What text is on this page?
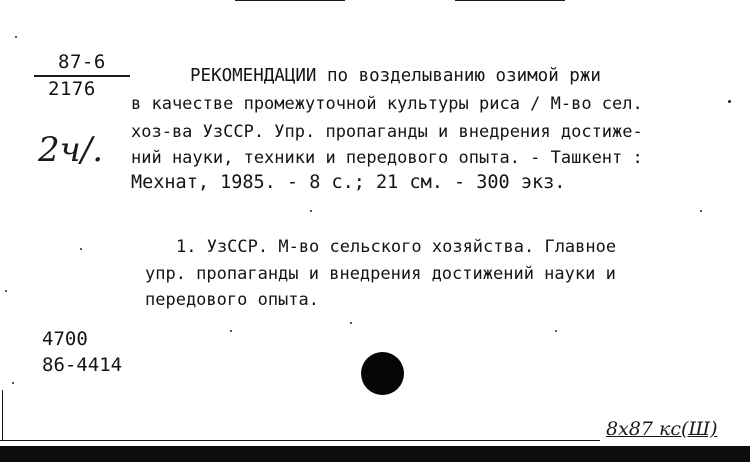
87-6
2176
2ч/.
РЕКОМЕНДАЦИИ по возделыванию озимой ржи
в качестве промежуточной культуры риса / М-во сел.
хоз-ва УзССР. Упр. пропаганды и внедрения достиже-
ний науки, техники и передового опыта. - Ташкент :
Мехнат, 1985. - 8 с.; 21 см. - 300 экз.
1. УзССР. М-во сельского хозяйства. Главное
упр. пропаганды и внедрения достижений науки и
передового опыта.
4700
86-4414
8x87 кс(Ш)
